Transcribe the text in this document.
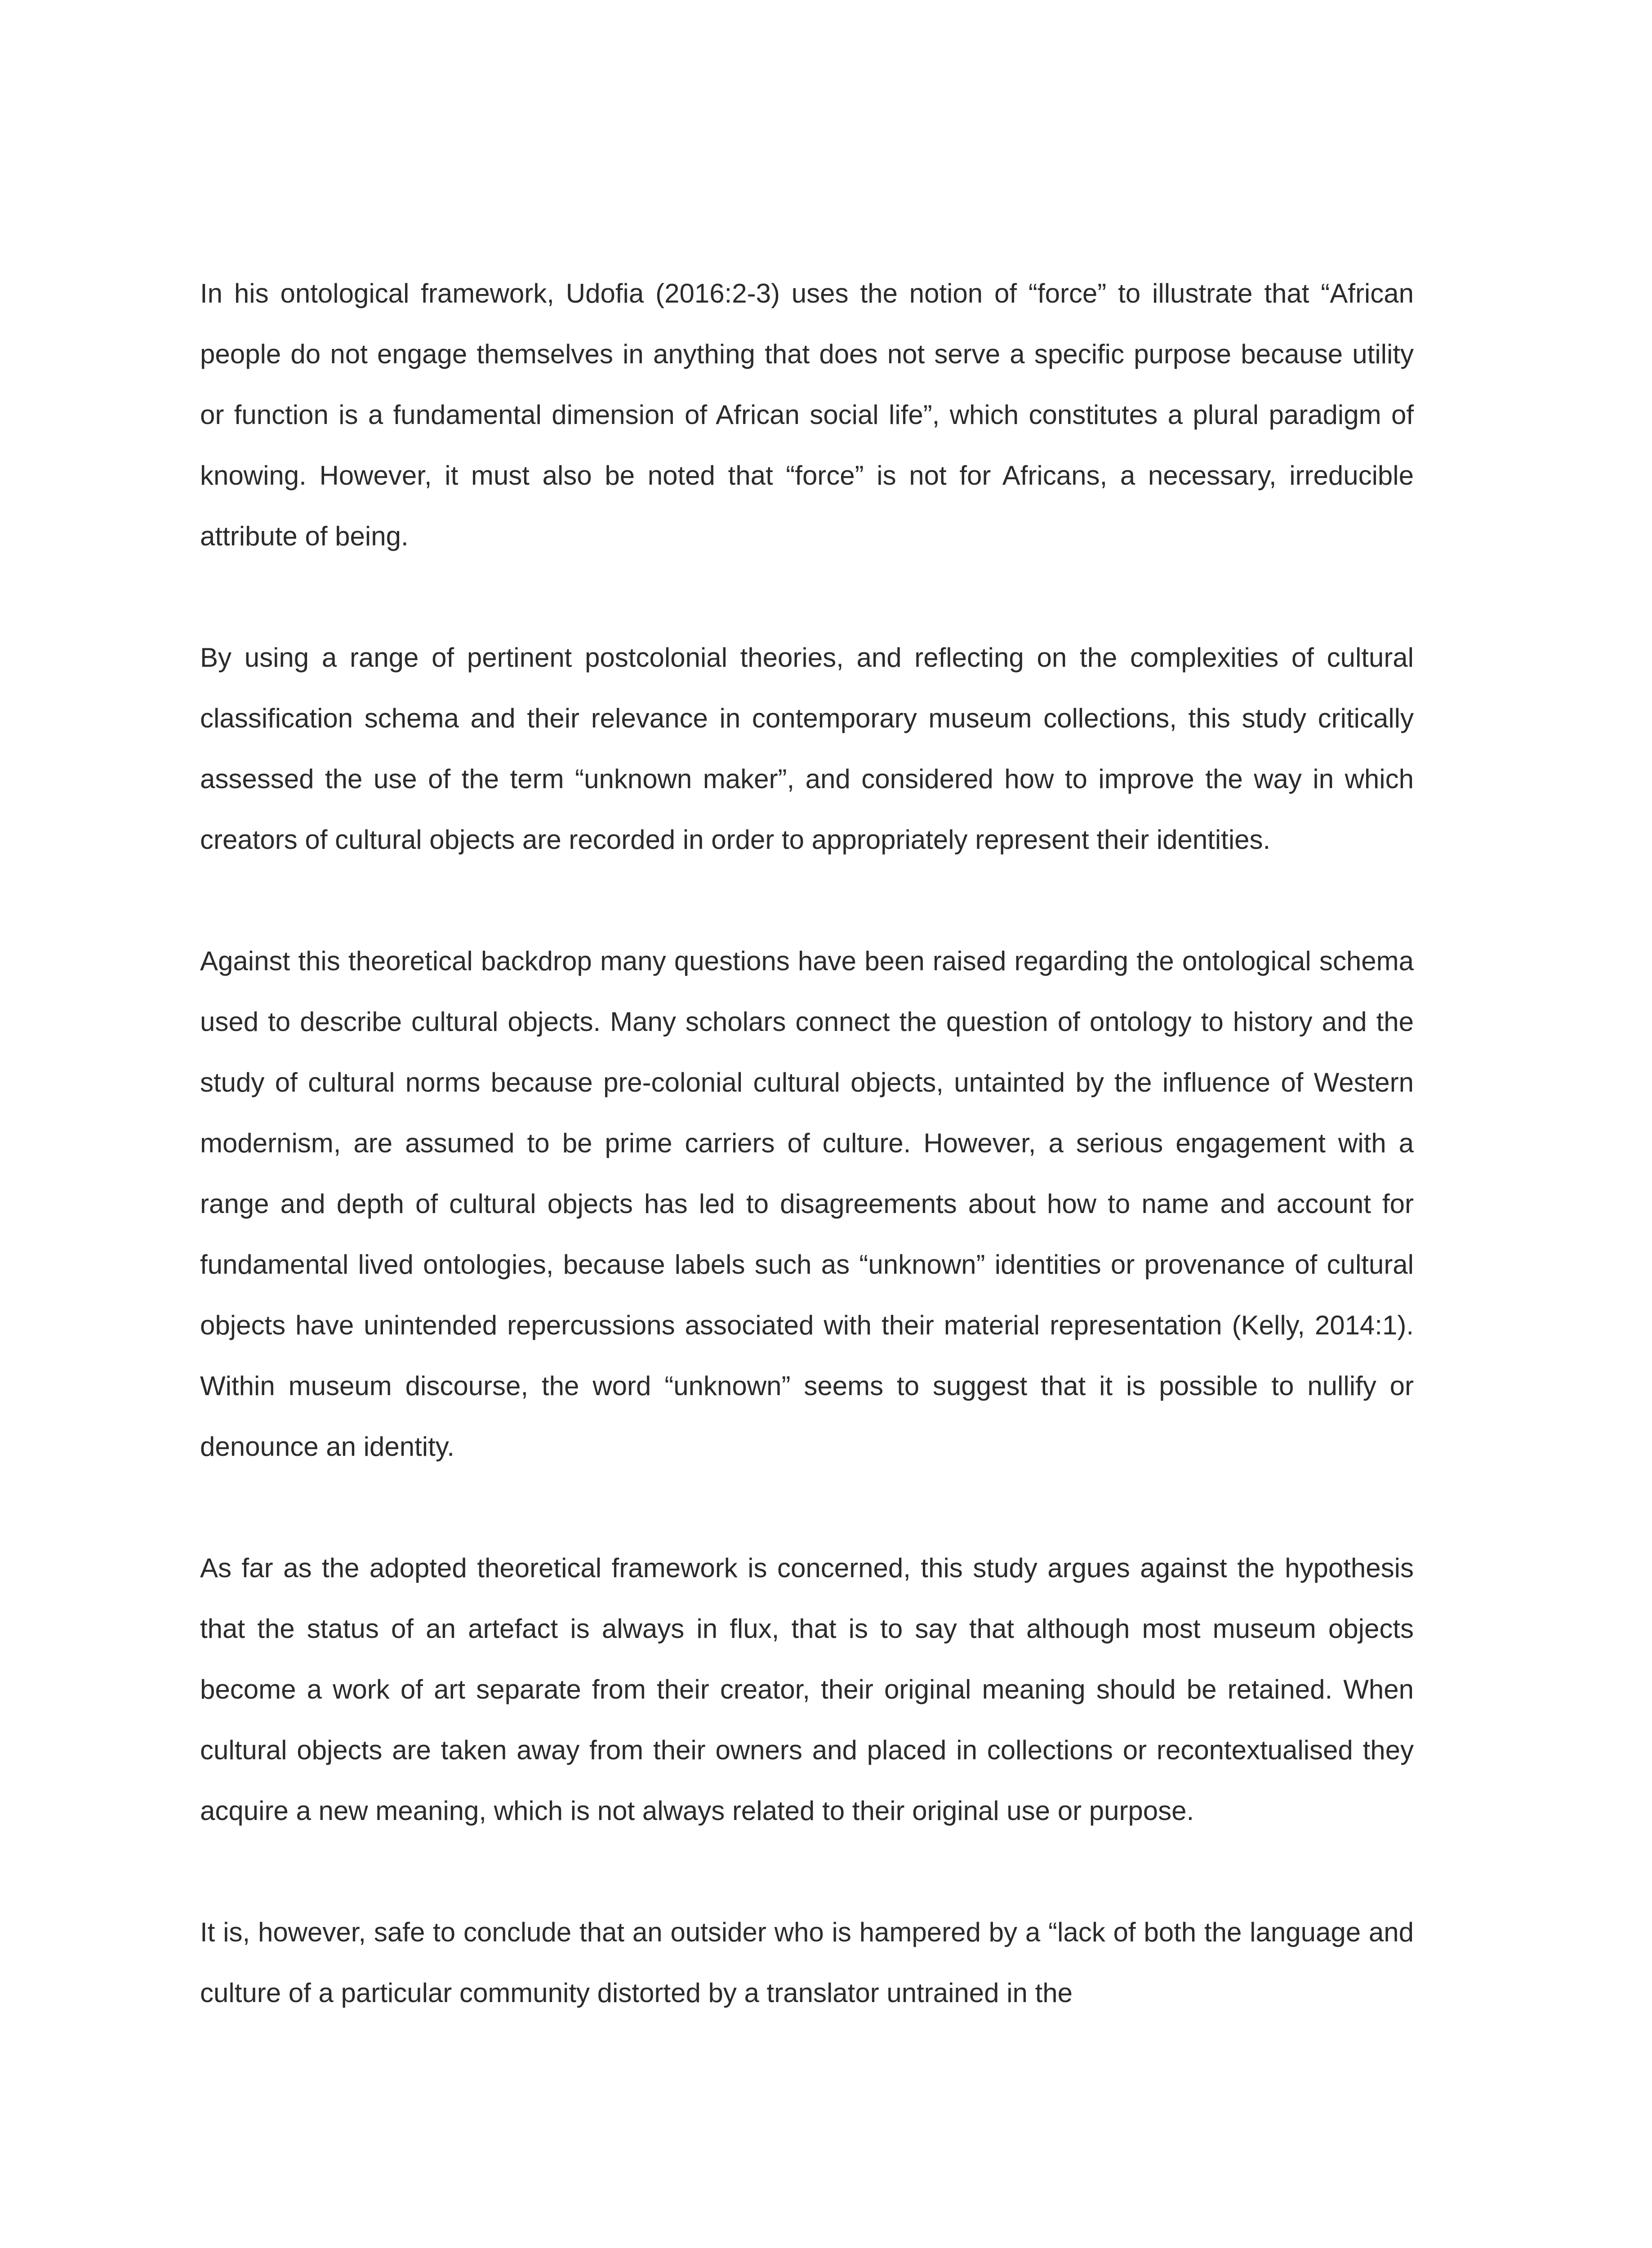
In his ontological framework, Udofia (2016:2-3) uses the notion of “force” to illustrate that “African people do not engage themselves in anything that does not serve a specific purpose because utility or function is a fundamental dimension of African social life”, which constitutes a plural paradigm of knowing. However, it must also be noted that “force” is not for Africans, a necessary, irreducible attribute of being.

By using a range of pertinent postcolonial theories, and reflecting on the complexities of cultural classification schema and their relevance in contemporary museum collections, this study critically assessed the use of the term “unknown maker”, and considered how to improve the way in which creators of cultural objects are recorded in order to appropriately represent their identities.

Against this theoretical backdrop many questions have been raised regarding the ontological schema used to describe cultural objects. Many scholars connect the question of ontology to history and the study of cultural norms because pre-colonial cultural objects, untainted by the influence of Western modernism, are assumed to be prime carriers of culture. However, a serious engagement with a range and depth of cultural objects has led to disagreements about how to name and account for fundamental lived ontologies, because labels such as “unknown” identities or provenance of cultural objects have unintended repercussions associated with their material representation (Kelly, 2014:1). Within museum discourse, the word “unknown” seems to suggest that it is possible to nullify or denounce an identity.

As far as the adopted theoretical framework is concerned, this study argues against the hypothesis that the status of an artefact is always in flux, that is to say that although most museum objects become a work of art separate from their creator, their original meaning should be retained. When cultural objects are taken away from their owners and placed in collections or recontextualised they acquire a new meaning, which is not always related to their original use or purpose.

It is, however, safe to conclude that an outsider who is hampered by a “lack of both the language and culture of a particular community distorted by a translator untrained in the
